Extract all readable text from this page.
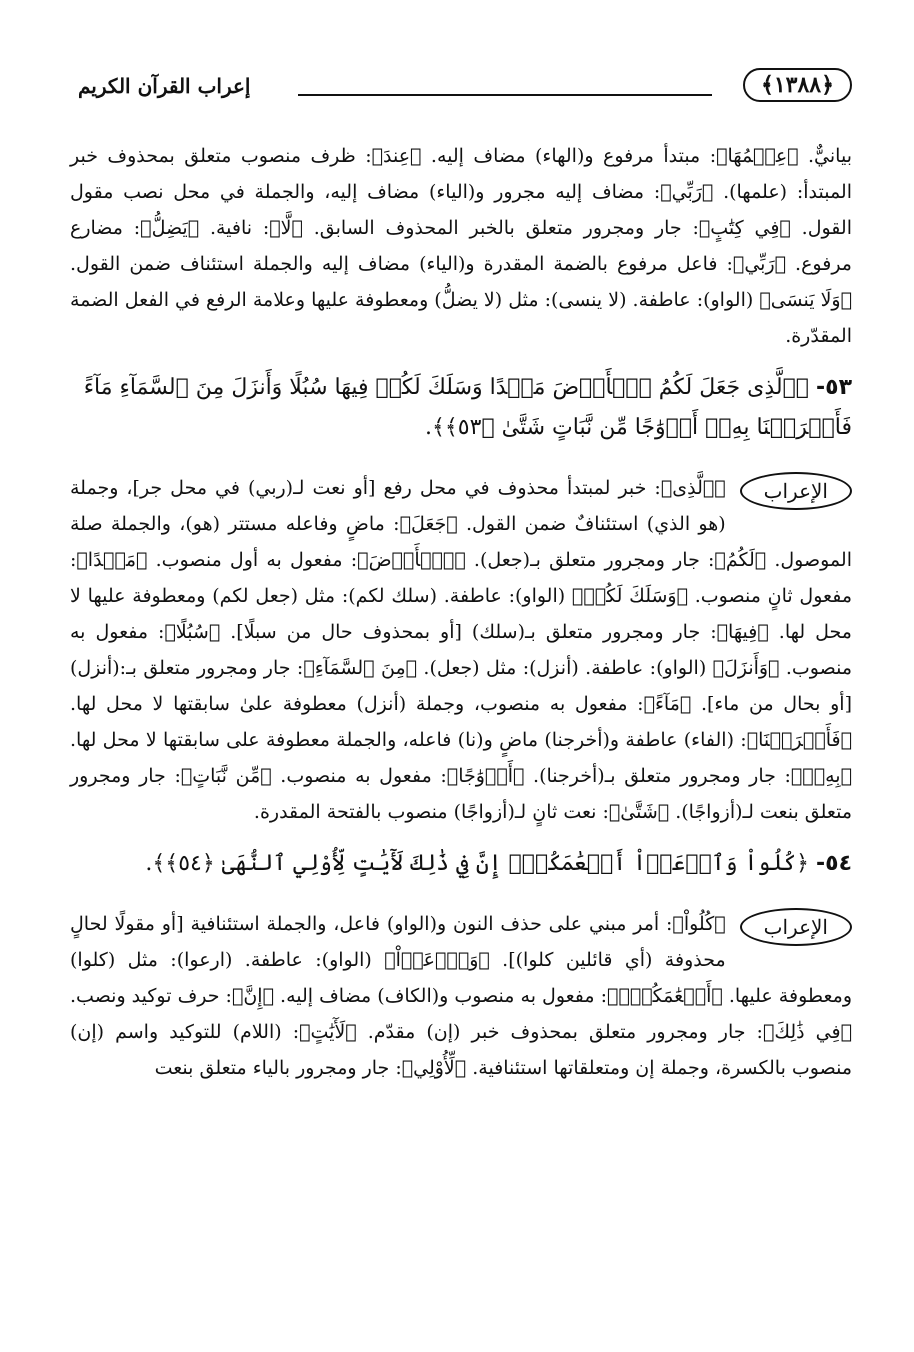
﴿١٣٨٨﴾
إعراب القرآن الكريم

بيانيٌّ. ﴿عِلۡمُهَا﴾: مبتدأ مرفوع و(الهاء) مضاف إليه. ﴿عِندَ﴾: ظرف منصوب متعلق بمحذوف خبر المبتدأ: (علمها). ﴿رَبِّي﴾: مضاف إليه مجرور و(الياء) مضاف إليه، والجملة في محل نصب مقول القول. ﴿فِي كِتَٰبٍ﴾: جار ومجرور متعلق بالخبر المحذوف السابق. ﴿لَّا﴾: نافية. ﴿يَضِلُّ﴾: مضارع مرفوع. ﴿رَبِّي﴾: فاعل مرفوع بالضمة المقدرة و(الياء) مضاف إليه والجملة استئناف ضمن القول. ﴿وَلَا يَنسَى﴾ (الواو): عاطفة. (لا ينسى): مثل (لا يضلُّ) ومعطوفة عليها وعلامة الرفع في الفعل الضمة المقدّرة.

٥٣- ﴿ٱلَّذِى جَعَلَ لَكُمُ ٱلۡأَرۡضَ مَهۡدًا وَسَلَكَ لَكُمۡ فِيهَا سُبُلًا وَأَنزَلَ مِنَ ٱلسَّمَآءِ مَآءً فَأَخۡرَجۡنَا بِهِۦٓ أَزۡوَٰجًا مِّن نَّبَاتٍ شَتَّىٰ ﴿٥٣﴾﴾.

الإعراب

﴿ٱلَّذِى﴾: خبر لمبتدأ محذوف في محل رفع [أو نعت لـ(ربي) في محل جر]، وجملة (هو الذي) استئنافٌ ضمن القول. ﴿جَعَلَ﴾: ماضٍ وفاعله مستتر (هو)، والجملة صلة الموصول. ﴿لَكُمُ﴾: جار ومجرور متعلق بـ(جعل). ﴿ٱلۡأَرۡضَ﴾: مفعول به أول منصوب. ﴿مَهۡدًا﴾: مفعول ثانٍ منصوب. ﴿وَسَلَكَ لَكُمۡ﴾ (الواو): عاطفة. (سلك لكم): مثل (جعل لكم) ومعطوفة عليها لا محل لها. ﴿فِيهَا﴾: جار ومجرور متعلق بـ(سلك) [أو بمحذوف حال من سبلًا]. ﴿سُبُلًا﴾: مفعول به منصوب. ﴿وَأَنزَلَ﴾ (الواو): عاطفة. (أنزل): مثل (جعل). ﴿مِنَ ٱلسَّمَآءِ﴾: جار ومجرور متعلق بـ:(أنزل) [أو بحال من ماء]. ﴿مَآءً﴾: مفعول به منصوب، وجملة (أنزل) معطوفة علىٰ سابقتها لا محل لها. ﴿فَأَخۡرَجۡنَا﴾: (الفاء) عاطفة و(أخرجنا) ماضٍ و(نا) فاعله، والجملة معطوفة على سابقتها لا محل لها. ﴿بِهِۦٓ﴾: جار ومجرور متعلق بـ(أخرجنا). ﴿أَزۡوَٰجًا﴾: مفعول به منصوب. ﴿مِّن نَّبَاتٍ﴾: جار ومجرور متعلق بنعت لـ(أزواجًا). ﴿شَتَّىٰ﴾: نعت ثانٍ لـ(أزواجًا) منصوب بالفتحة المقدرة.

٥٤- ﴿كُلُواْ وَٱرۡعَوۡاْ أَنۡعَٰمَكُمۡۚ إِنَّ فِي ذَٰلِكَ لَأٓيَٰتٍ لِّأُوْلِي ٱلنُّهَىٰ ﴿٥٤﴾﴾.

الإعراب

﴿كُلُواْ﴾: أمر مبني على حذف النون و(الواو) فاعل، والجملة استئنافية [أو مقولًا لحالٍ محذوفة (أي قائلين كلوا)]. ﴿وَٱرۡعَوۡاْ﴾ (الواو): عاطفة. (ارعوا): مثل (كلوا) ومعطوفة عليها. ﴿أَنۡعَٰمَكُمۡۚ﴾: مفعول به منصوب و(الكاف) مضاف إليه. ﴿إِنَّ﴾: حرف توكيد ونصب. ﴿فِي ذَٰلِكَ﴾: جار ومجرور متعلق بمحذوف خبر (إن) مقدّم. ﴿لَأٓيَٰتٍ﴾: (اللام) للتوكيد واسم (إن) منصوب بالكسرة، وجملة إن ومتعلقاتها استئنافية. ﴿لِّأُوْلِي﴾: جار ومجرور بالياء متعلق بنعت
